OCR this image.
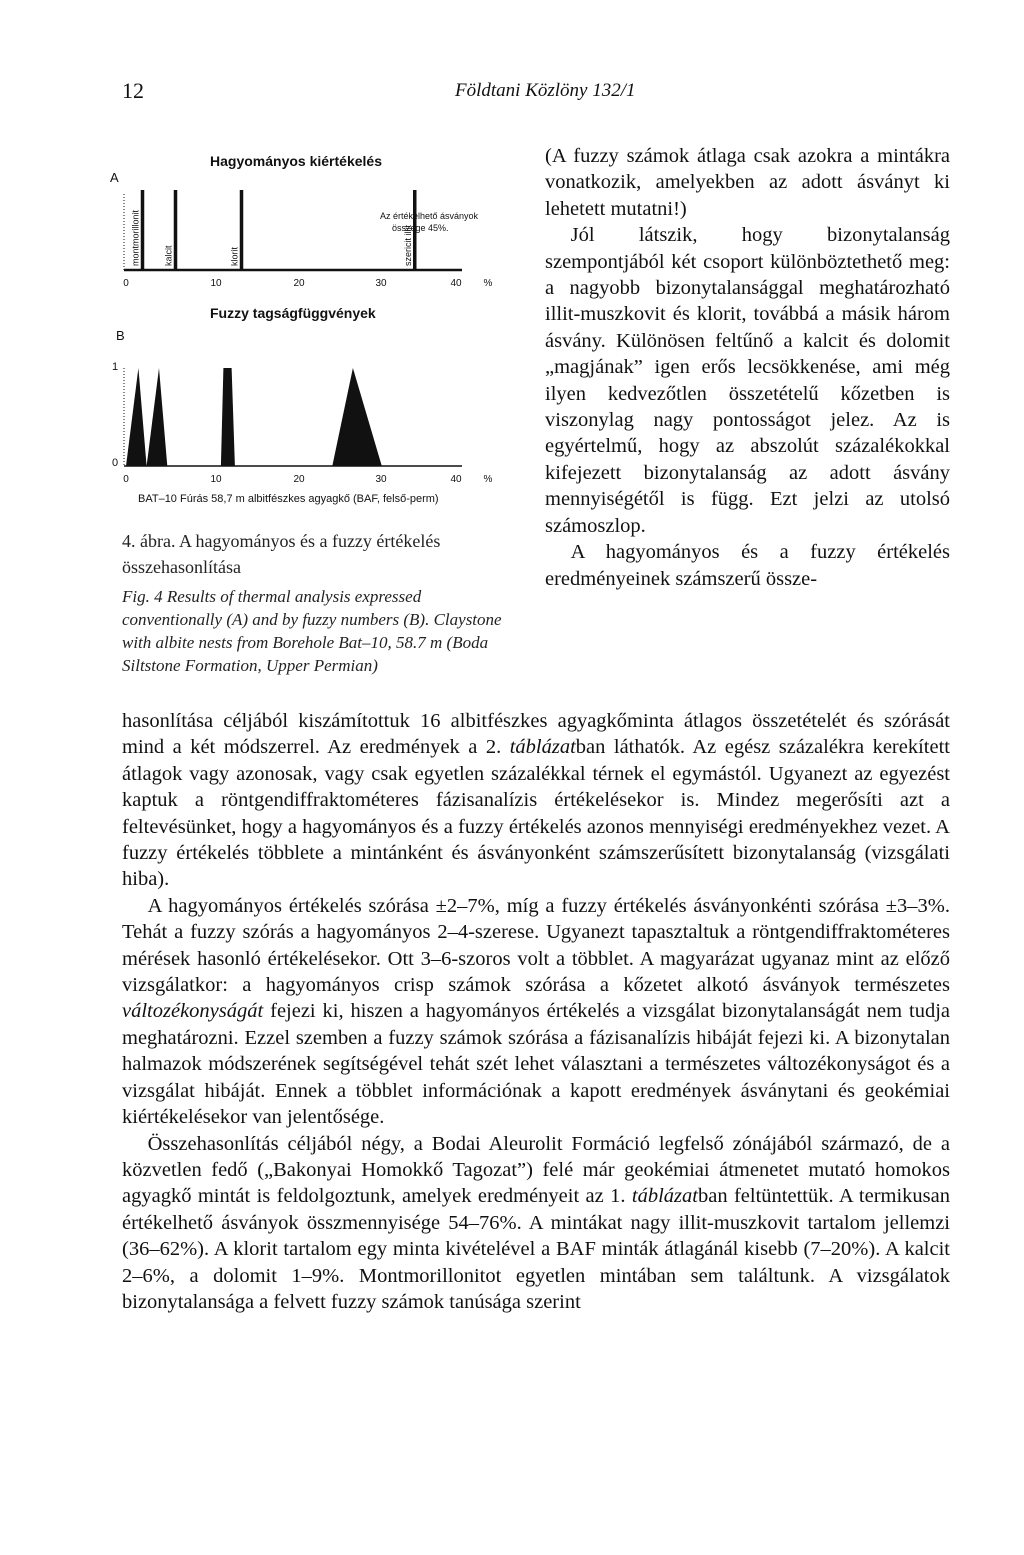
12	Földtani Közlöny 132/1
A
Hagyományos kiértékelés
Az értékelhető ásványok
összege 45%.
montmorillonit	kalcit	klorit	szericit illit
0	10	20	30	40 %
Fuzzy tagságfüggvények
B
1
0
0	10	20	30	40 %
BAT–10 Fúrás 58,7 m albitfészkes agyagkő (BAF, felső-perm)
4. ábra. A hagyományos és a fuzzy értékelés összehasonlítása
Fig. 4 Results of thermal analysis expressed conventionally (A) and by fuzzy numbers (B). Claystone with albite nests from Borehole Bat–10, 58.7 m (Boda Siltstone Formation, Upper Permian)

(A fuzzy számok átlaga csak azokra a mintákra vonatkozik, amelyekben az adott ásványt ki lehetett mutatni!)

Jól látszik, hogy bizonytalanság szempontjából két csoport különböztethető meg: a nagyobb bizonytalansággal meghatározható illit-muszkovit és klorit, továbbá a másik három ásvány. Különösen feltűnő a kalcit és dolomit „magjának” igen erős lecsökkenése, ami még ilyen kedvezőtlen összetételű kőzetben is viszonylag nagy pontosságot jelez. Az is egyértelmű, hogy az abszolút százalékokkal kifejezett bizonytalanság az adott ásvány mennyiségétől is függ. Ezt jelzi az utolsó számoszlop.

A hagyományos és a fuzzy értékelés eredményeinek számszerű össze-

hasonlítása céljából kiszámítottuk 16 albitfészkes agyagkőminta átlagos összetételét és szórását mind a két módszerrel. Az eredmények a 2. táblázatban láthatók. Az egész százalékra kerekített átlagok vagy azonosak, vagy csak egyetlen százalékkal térnek el egymástól. Ugyanezt az egyezést kaptuk a röntgendiffraktométeres fázisanalízis értékelésekor is. Mindez megerősíti azt a feltevésünket, hogy a hagyományos és a fuzzy értékelés azonos mennyiségi eredményekhez vezet. A fuzzy értékelés többlete a mintánként és ásványonként számszerűsített bizonytalanság (vizsgálati hiba).

A hagyományos értékelés szórása ±2–7%, míg a fuzzy értékelés ásványonkénti szórása ±3–3%. Tehát a fuzzy szórás a hagyományos 2–4-szerese. Ugyanezt tapasztaltuk a röntgendiffraktométeres mérések hasonló értékelésekor. Ott 3–6-szoros volt a többlet. A magyarázat ugyanaz mint az előző vizsgálatkor: a hagyományos crisp számok szórása a kőzetet alkotó ásványok természetes változékonyságát fejezi ki, hiszen a hagyományos értékelés a vizsgálat bizonytalanságát nem tudja meghatározni. Ezzel szemben a fuzzy számok szórása a fázisanalízis hibáját fejezi ki. A bizonytalan halmazok módszerének segítségével tehát szét lehet választani a természetes változékonyságot és a vizsgálat hibáját. Ennek a többlet információnak a kapott eredmények ásványtani és geokémiai kiértékelésekor van jelentősége.

Összehasonlítás céljából négy, a Bodai Aleurolit Formáció legfelső zónájából származó, de a közvetlen fedő („Bakonyai Homokkő Tagozat”) felé már geokémiai átmenetet mutató homokos agyagkő mintát is feldolgoztunk, amelyek eredményeit az 1. táblázatban feltüntettük. A termikusan értékelhető ásványok összmennyisége 54–76%. A mintákat nagy illit-muszkovit tartalom jellemzi (36–62%). A klorit tartalom egy minta kivételével a BAF minták átlagánál kisebb (7–20%). A kalcit 2–6%, a dolomit 1–9%. Montmorillonitot egyetlen mintában sem találtunk. A vizsgálatok bizonytalansága a felvett fuzzy számok tanúsága szerint
